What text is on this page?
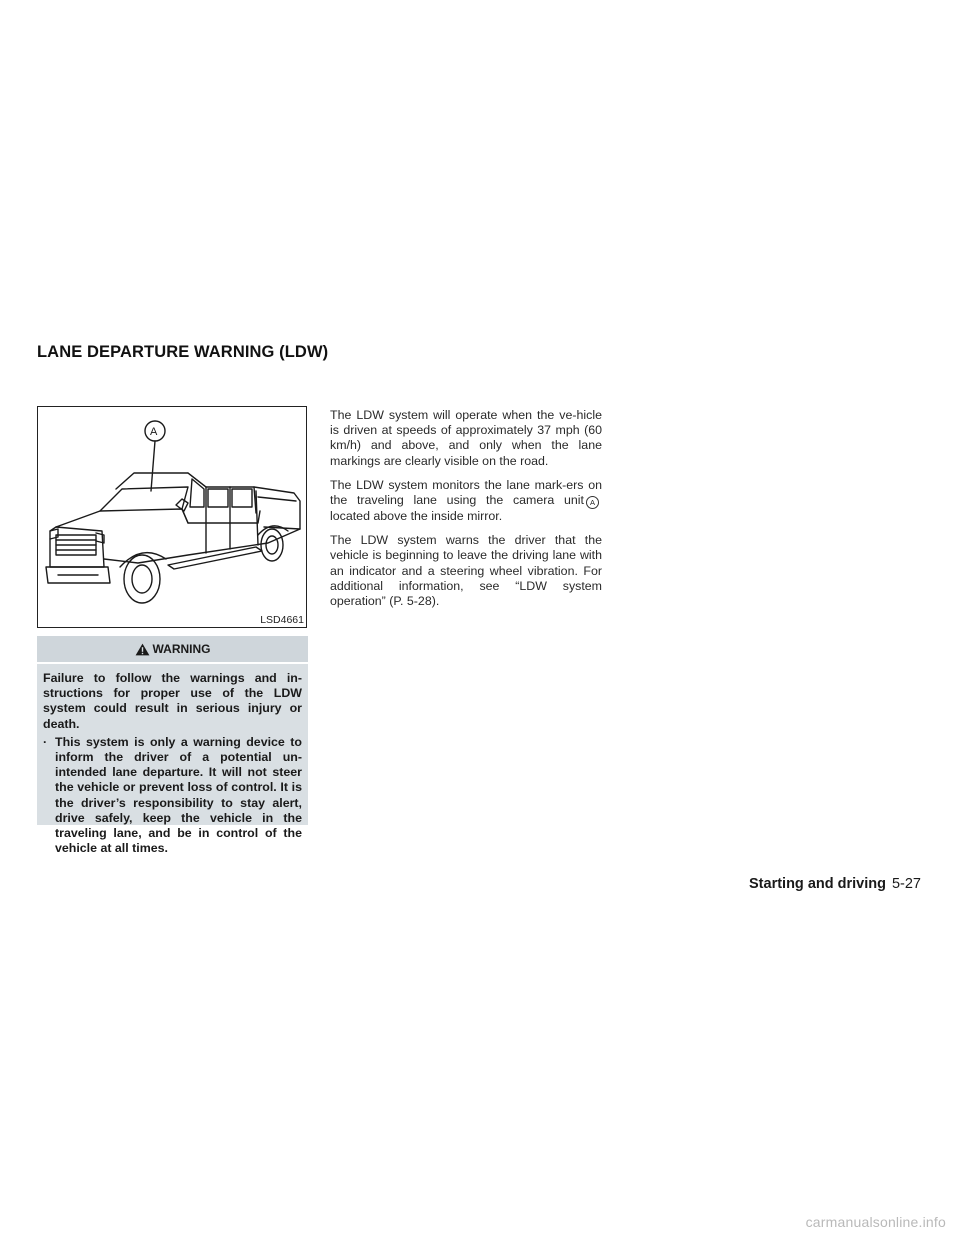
LANE DEPARTURE WARNING (LDW)
A
LSD4661
WARNING

Failure to follow the warnings and in-structions for proper use of the LDW system could result in serious injury or death.

· This system is only a warning device to inform the driver of a potential un-intended lane departure. It will not steer the vehicle or prevent loss of control. It is the driver’s responsibility to stay alert, drive safely, keep the vehicle in the traveling lane, and be in control of the vehicle at all times.

The LDW system will operate when the ve-hicle is driven at speeds of approximately 37 mph (60 km/h) and above, and only when the lane markings are clearly visible on the road.

The LDW system monitors the lane mark-ers on the traveling lane using the camera unit Alocated above the inside mirror.

The LDW system warns the driver that the vehicle is beginning to leave the driving lane with an indicator and a steering wheel vibration. For additional information, see “LDW system operation” (P. 5-28).

Starting and driving 5-27
carmanualsonline.info
